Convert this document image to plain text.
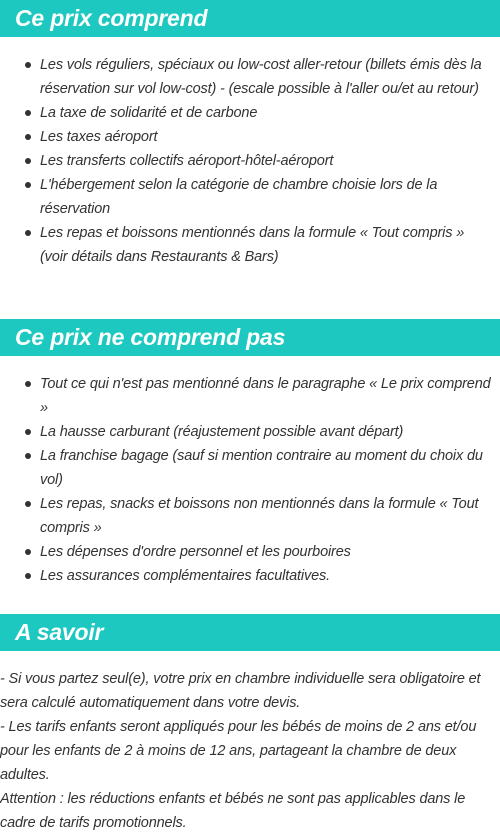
Ce prix comprend
Les vols réguliers, spéciaux ou low-cost aller-retour (billets émis dès la réservation sur vol low-cost) - (escale possible à l'aller ou/et au retour)
La taxe de solidarité et de carbone
Les taxes aéroport
Les transferts collectifs aéroport-hôtel-aéroport
L'hébergement selon la catégorie de chambre choisie lors de la réservation
Les repas et boissons mentionnés dans la formule « Tout compris » (voir détails dans Restaurants & Bars)
Ce prix ne comprend pas
Tout ce qui n'est pas mentionné dans le paragraphe « Le prix comprend »
La hausse carburant (réajustement possible avant départ)
La franchise bagage (sauf si mention contraire au moment du choix du vol)
Les repas, snacks et boissons non mentionnés dans la formule « Tout compris »
Les dépenses d'ordre personnel et les pourboires
Les assurances complémentaires facultatives.
A savoir

- Si vous partez seul(e), votre prix en chambre individuelle sera obligatoire et sera calculé automatiquement dans votre devis.

- Les tarifs enfants seront appliqués pour les bébés de moins de 2 ans et/ou pour les enfants de 2 à moins de 12 ans, partageant la chambre de deux adultes.

Attention : les réductions enfants et bébés ne sont pas applicables dans le cadre de tarifs promotionnels.
